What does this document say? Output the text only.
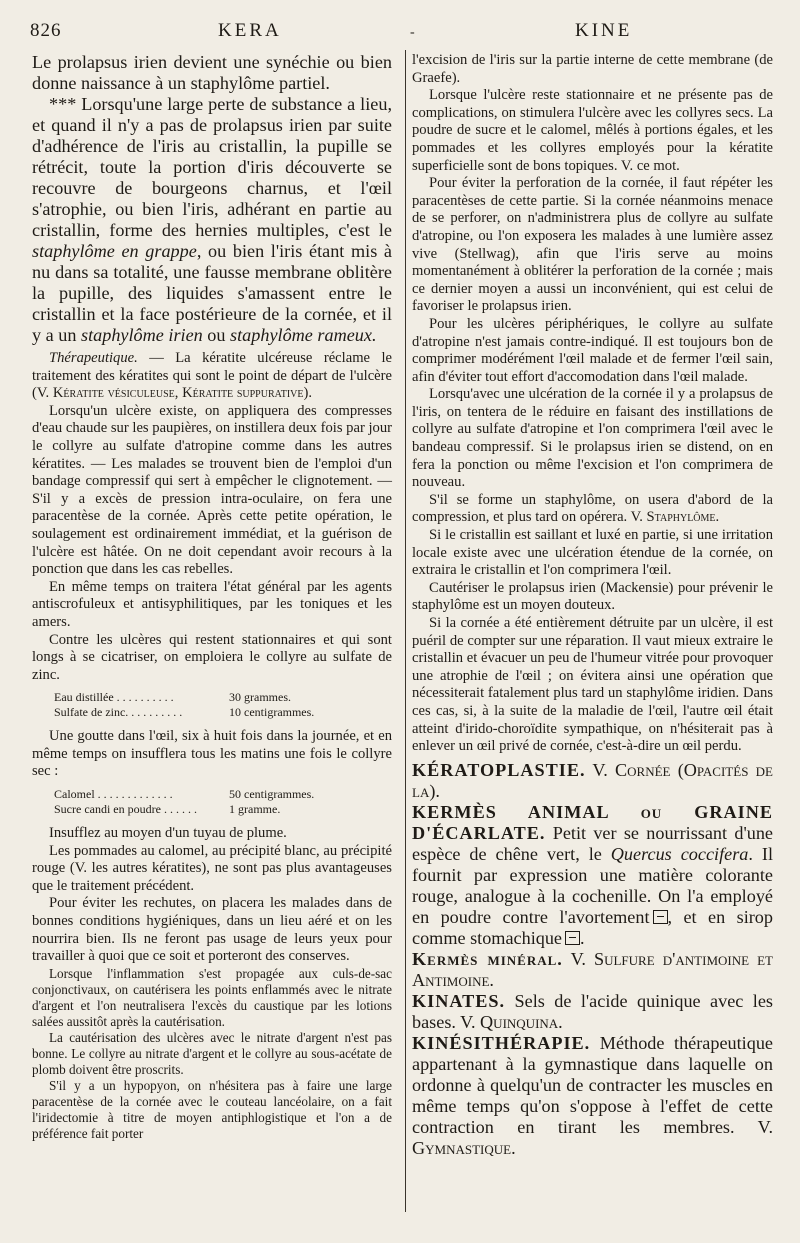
826	KERA	-	KINE

Le prolapsus irien devient une synéchie ou bien donne naissance à un staphylôme partiel.

*** Lorsqu'une large perte de substance a lieu, et quand il n'y a pas de prolapsus irien par suite d'adhérence de l'iris au cristallin, la pupille se rétrécit, toute la portion d'iris découverte se recouvre de bourgeons charnus, et l'œil s'atrophie, ou bien l'iris, adhérant en partie au cristallin, forme des hernies multiples, c'est le staphylôme en grappe, ou bien l'iris étant mis à nu dans sa totalité, une fausse membrane oblitère la pupille, des liquides s'amassent entre le cristallin et la face postérieure de la cornée, et il y a un staphylôme irien ou staphylôme rameux.

Thérapeutique. — La kératite ulcéreuse réclame le traitement des kératites qui sont le point de départ de l'ulcère (V. Kératite vésiculeuse, Kératite suppurative).

Lorsqu'un ulcère existe, on appliquera des compresses d'eau chaude sur les paupières, on instillera deux fois par jour le collyre au sulfate d'atropine comme dans les autres kératites. — Les malades se trouvent bien de l'emploi d'un bandage compressif qui sert à empêcher le clignotement. — S'il y a excès de pression intra-oculaire, on fera une paracentèse de la cornée. Après cette petite opération, le soulagement est ordinairement immédiat, et la guérison de l'ulcère est hâtée. On ne doit cependant avoir recours à la ponction que dans les cas rebelles.

En même temps on traitera l'état général par les agents antiscrofuleux et antisyphilitiques, par les toniques et les amers.

Contre les ulcères qui restent stationnaires et qui sont longs à se cicatriser, on emploiera le collyre au sulfate de zinc.

Eau distillée . . . . . . . . . .	30 grammes.
Sulfate de zinc. . . . . . . . . .	10 centigrammes.

Une goutte dans l'œil, six à huit fois dans la journée, et en même temps on insufflera tous les matins une fois le collyre sec :

Calomel . . . . . . . . . . . . .	50 centigrammes.
Sucre candi en poudre . . . . . .	1 gramme.

Insufflez au moyen d'un tuyau de plume.

Les pommades au calomel, au précipité blanc, au précipité rouge (V. les autres kératites), ne sont pas plus avantageuses que le traitement précédent.

Pour éviter les rechutes, on placera les malades dans de bonnes conditions hygiéniques, dans un lieu aéré et on les nourrira bien. Ils ne feront pas usage de leurs yeux pour travailler à quoi que ce soit et porteront des conserves.

Lorsque l'inflammation s'est propagée aux culs-de-sac conjonctivaux, on cautérisera les points enflammés avec le nitrate d'argent et l'on neutralisera l'excès du caustique par les lotions salées aussitôt après la cautérisation.

La cautérisation des ulcères avec le nitrate d'argent n'est pas bonne. Le collyre au nitrate d'argent et le collyre au sous-acétate de plomb doivent être proscrits.

S'il y a un hypopyon, on n'hésitera pas à faire une large paracentèse de la cornée avec le couteau lancéolaire, on a fait l'iridectomie à titre de moyen antiphlogistique et l'on a de préférence fait porter

l'excision de l'iris sur la partie interne de cette membrane (de Graefe).

Lorsque l'ulcère reste stationnaire et ne présente pas de complications, on stimulera l'ulcère avec les collyres secs. La poudre de sucre et le calomel, mêlés à portions égales, et les pommades et les collyres employés pour la kératite superficielle sont de bons topiques. V. ce mot.

Pour éviter la perforation de la cornée, il faut répéter les paracentèses de cette partie. Si la cornée néanmoins menace de se perforer, on n'administrera plus de collyre au sulfate d'atropine, ou l'on exposera les malades à une lumière assez vive (Stellwag), afin que l'iris serve au moins momentanément à oblitérer la perforation de la cornée ; mais ce dernier moyen a aussi un inconvénient, qui est celui de favoriser le prolapsus irien.

Pour les ulcères périphériques, le collyre au sulfate d'atropine n'est jamais contre-indiqué. Il est toujours bon de comprimer modérément l'œil malade et de fermer l'œil sain, afin d'éviter tout effort d'accomodation dans l'œil malade.

Lorsqu'avec une ulcération de la cornée il y a prolapsus de l'iris, on tentera de le réduire en faisant des instillations de collyre au sulfate d'atropine et l'on comprimera l'œil avec le bandeau compressif. Si le prolapsus irien se distend, on en fera la ponction ou même l'excision et l'on comprimera de nouveau.

S'il se forme un staphylôme, on usera d'abord de la compression, et plus tard on opérera. V. Staphylôme.

Si le cristallin est saillant et luxé en partie, si une irritation locale existe avec une ulcération étendue de la cornée, on extraira le cristallin et l'on comprimera l'œil.

Cautériser le prolapsus irien (Mackensie) pour prévenir le staphylôme est un moyen douteux.

Si la cornée a été entièrement détruite par un ulcère, il est puéril de compter sur une réparation. Il vaut mieux extraire le cristallin et évacuer un peu de l'humeur vitrée pour provoquer une atrophie de l'œil ; on évitera ainsi une opération que nécessiterait fatalement plus tard un staphylôme iridien. Dans ces cas, si, à la suite de la maladie de l'œil, l'autre œil était atteint d'irido-choroïdite sympathique, on n'hésiterait pas à enlever un œil privé de cornée, c'est-à-dire un œil perdu.

KÉRATOPLASTIE. V. Cornée (Opacités de la).

KERMÈS ANIMAL ou GRAINE D'ÉCARLATE. Petit ver se nourrissant d'une espèce de chêne vert, le Quercus coccifera. Il fournit par expression une matière colorante rouge, analogue à la cochenille. On l'a employé en poudre contre l'avortement , et en sirop comme stomachique .

Kermès minéral. V. Sulfure d'antimoine et Antimoine.

KINATES. Sels de l'acide quinique avec les bases. V. Quinquina.

KINÉSITHÉRAPIE. Méthode thérapeutique appartenant à la gymnastique dans laquelle on ordonne à quelqu'un de contracter les muscles en même temps qu'on s'oppose à l'effet de cette contraction en tirant les membres. V. Gymnastique.
